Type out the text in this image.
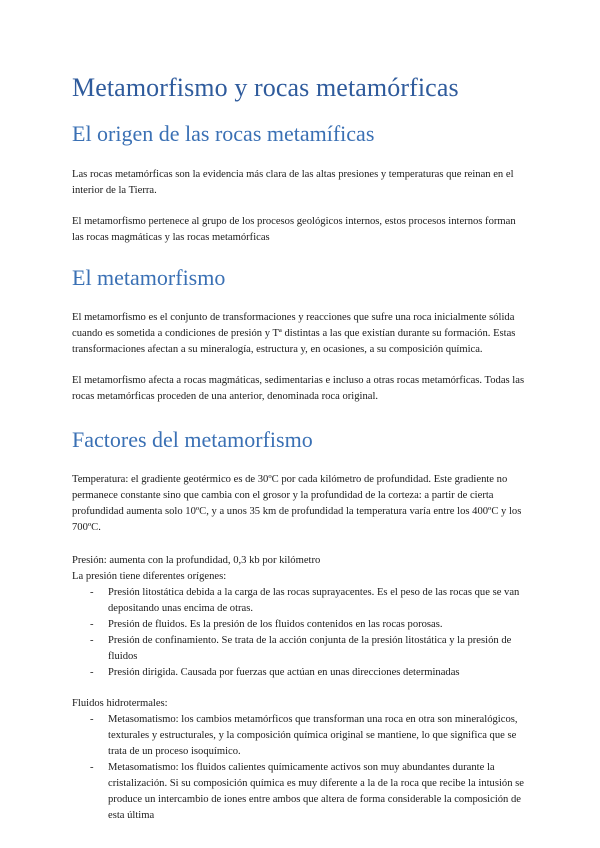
Metamorfismo y rocas metamórficas
El origen de las rocas metamíficas

Las rocas metamórficas son la evidencia más clara de las altas presiones y temperaturas que reinan en el interior de la Tierra.

El metamorfismo pertenece al grupo de los procesos geológicos internos, estos procesos internos forman las rocas magmáticas y las rocas metamórficas

El metamorfismo

El metamorfismo es el conjunto de transformaciones y reacciones que sufre una roca inicialmente sólida cuando es sometida a condiciones de presión y Tª distintas a las que existían durante su formación. Estas transformaciones afectan a su mineralogía, estructura y, en ocasiones, a su composición química.

El metamorfismo afecta a rocas magmáticas, sedimentarias e incluso a otras rocas metamórficas. Todas las rocas metamórficas proceden de una anterior, denominada roca original.

Factores del metamorfismo

Temperatura: el gradiente geotérmico es de 30ºC por cada kilómetro de profundidad. Este gradiente no permanece constante sino que cambia con el grosor y la profundidad de la corteza: a partir de cierta profundidad aumenta solo 10ºC, y a unos 35 km de profundidad la temperatura varía entre los 400ºC y los 700ºC.

Presión: aumenta con la profundidad, 0,3 kb por kilómetro

La presión tiene diferentes orígenes:

- Presión litostática debida a la carga de las rocas suprayacentes. Es el peso de las rocas que se van depositando unas encima de otras.
- Presión de fluidos. Es la presión de los fluidos contenidos en las rocas porosas.
- Presión de confinamiento. Se trata de la acción conjunta de la presión litostática y la presión de fluidos
- Presión dirigida. Causada por fuerzas que actúan en unas direcciones determinadas

Fluidos hidrotermales:

- Metasomatismo: los cambios metamórficos que transforman una roca en otra son mineralógicos, texturales y estructurales, y la composición química original se mantiene, lo que significa que se trata de un proceso isoquímico.
- Metasomatismo: los fluidos calientes químicamente activos son muy abundantes durante la cristalización. Si su composición química es muy diferente a la de la roca que recibe la intusión se produce un intercambio de iones entre ambos que altera de forma considerable la composición de esta última
